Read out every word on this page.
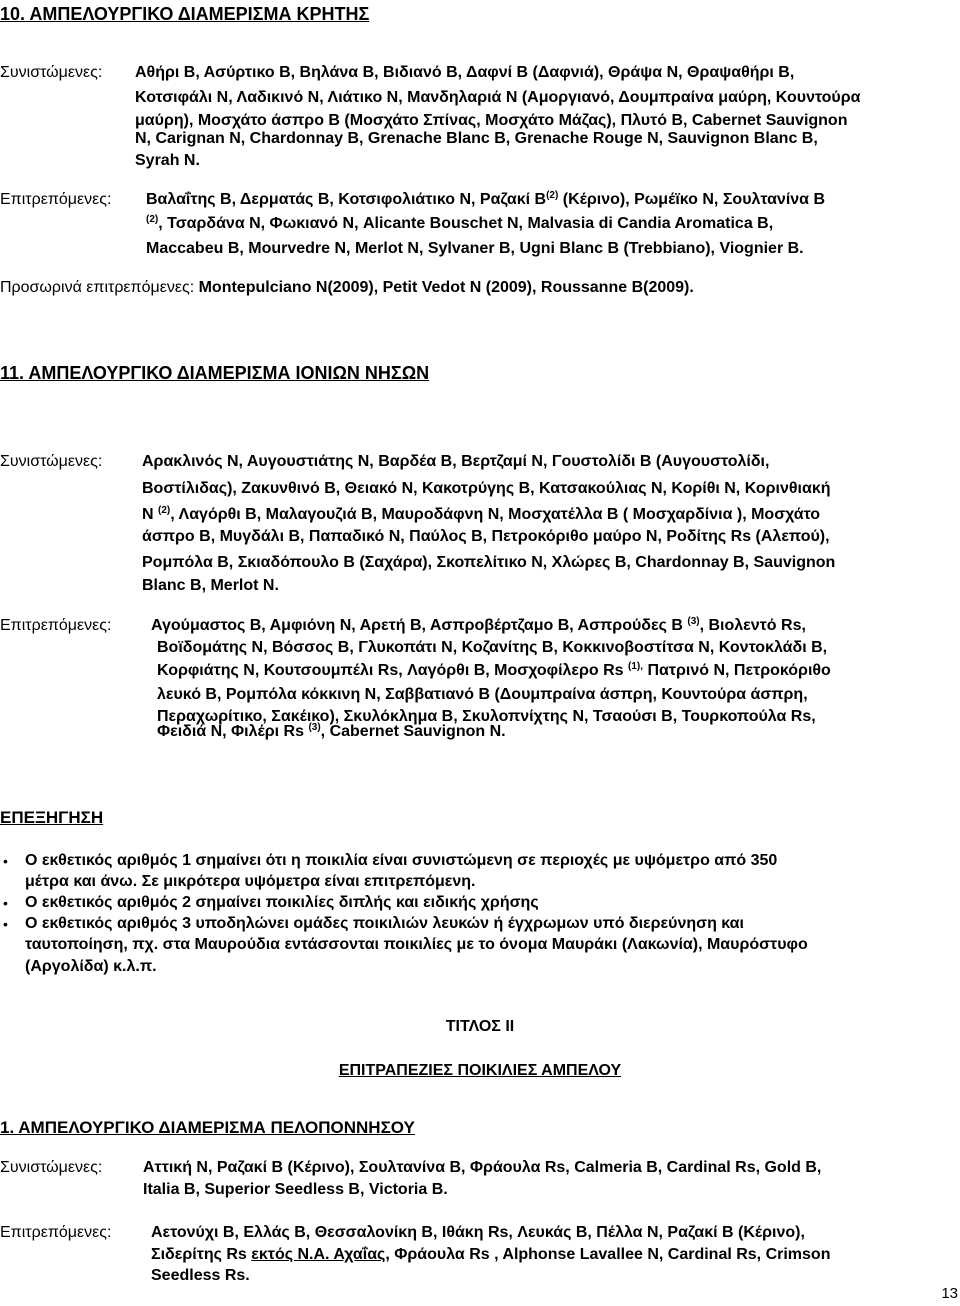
10. ΑΜΠΕΛΟΥΡΓΙΚΟ ΔΙΑΜΕΡΙΣΜΑ ΚΡΗΤΗΣ
Συνιστώμενες: Αθήρι Β, Ασύρτικο Β, Βηλάνα Β, Βιδιανό Β, Δαφνί Β (Δαφνιά), Θράψα Ν, Θραψαθήρι Β,
Κοτσιφάλι Ν, Λαδικινό Ν, Λιάτικο Ν, Μανδηλαριά Ν (Αμοργιανό, Δουμπραίνα μαύρη, Κουντούρα
μαύρη), Μοσχάτο άσπρο Β (Μοσχάτο Σπίνας, Μοσχάτο Μάζας), Πλυτό Β, Cabernet Sauvignon
Ν, Carignan Ν, Chardonnay Β, Grenache Blanc Β, Grenache Rouge Ν, Sauvignon Blanc Β,
Syrah Ν.
Επιτρεπόμενες: Βαλαΐτης Β, Δερματάς Β, Κοτσιφολιάτικο Ν, Ραζακί $B^{(2)}$ (Κέρινο), Ρωμέϊκο Ν, Σουλτανίνα Β
$^{(2)}$, Τσαρδάνα Ν, Φωκιανό Ν, Alicante Bouschet Ν, Malvasia di Candia Aromatica Β,
Maccabeu Β, Mourvedre Ν, Merlot Ν, Sylvaner Β, Ugni Blanc Β (Trebbiano), Viognier Β.
Προσωρινά επιτρεπόμενες: Montepulciano N(2009), Petit Vedot N (2009), Roussanne B(2009).
11. ΑΜΠΕΛΟΥΡΓΙΚΟ ΔΙΑΜΕΡΙΣΜΑ ΙΟΝΙΩΝ ΝΗΣΩΝ
Συνιστώμενες: Αρακλινός Ν, Αυγουστιάτης Ν, Βαρδέα Β, Βερτζαμί Ν, Γουστολίδι Β (Αυγουστολίδι,
Βοστίλιδας), Ζακυνθινό Β, Θειακό Ν, Κακοτρύγης Β, Κατσακούλιας Ν, Κορίθι Ν, Κορινθιακή
Ν $^{(2)}$, Λαγόρθι Β, Μαλαγουζιά Β, Μαυροδάφνη Ν, Μοσχατέλλα Β ( Μοσχαρδίνια ), Μοσχάτο
άσπρο Β, Μυγδάλι Β, Παπαδικό Ν, Παύλος Β, Πετροκόριθο μαύρο Ν, Ροδίτης Rs (Αλεπού),
Ρομπόλα Β, Σκιαδόπουλο Β (Σαχάρα), Σκοπελίτικο Ν, Χλώρες Β, Chardonnay B, Sauvignon
Blanc B, Merlot N.
Επιτρεπόμενες: Αγούμαστος Β, Αμφιόνη Ν, Αρετή Β, Ασπροβέρτζαμο Β, Ασπρούδες Β $^{(3)}$, Βιολεντό Rs,
Βοϊδομάτης Ν, Βόσσος Β, Γλυκοπάτι Ν, Κοζανίτης Β, Κοκκινοβοστίτσα Ν, Κοντοκλάδι Β,
Κορφιάτης Ν, Κουτσουμπέλι Rs, Λαγόρθι Β, Μοσχοφίλερο Rs $^{(1),}$ Πατρινό Ν, Πετροκόριθο
λευκό Β, Ρομπόλα κόκκινη Ν, Σαββατιανό Β (Δουμπραίνα άσπρη, Κουντούρα άσπρη,
Περαχωρίτικο, Σακέικο), Σκυλόκλημα Β, Σκυλοπνίχτης Ν, Τσαούσι Β, Τουρκοπούλα Rs,
Φειδιά Ν, Φιλέρι Rs $^{(3)}$, Cabernet Sauvignon N.
ΕΠΕΞΗΓΗΣΗ
• Ο εκθετικός αριθμός 1 σημαίνει ότι η ποικιλία είναι συνιστώμενη σε περιοχές με υψόμετρο από 350
μέτρα και άνω. Σε μικρότερα υψόμετρα είναι επιτρεπόμενη.
• Ο εκθετικός αριθμός 2 σημαίνει ποικιλίες διπλής και ειδικής χρήσης
• Ο εκθετικός αριθμός 3 υποδηλώνει ομάδες ποικιλιών λευκών ή έγχρωμων υπό διερεύνηση και
ταυτοποίηση, πχ. στα Μαυρούδια εντάσσονται ποικιλίες με το όνομα Μαυράκι (Λακωνία), Μαυρόστυφο
(Αργολίδα) κ.λ.π.
ΤΙΤΛΟΣ ΙΙ
ΕΠΙΤΡΑΠΕΖΙΕΣ ΠΟΙΚΙΛΙΕΣ ΑΜΠΕΛΟΥ
1. ΑΜΠΕΛΟΥΡΓΙΚΟ ΔΙΑΜΕΡΙΣΜΑ ΠΕΛΟΠΟΝΝΗΣΟΥ
Συνιστώμενες:	Αττική Ν, Ραζακί Β (Κέρινο), Σουλτανίνα Β, Φράουλα Rs, Calmeria B, Cardinal Rs, Gold B,
Italia B, Superior Seedless B, Victoria B.
Επιτρεπόμενες: Αετονύχι Β, Ελλάς Β, Θεσσαλονίκη Β, Ιθάκη Rs, Λευκάς Β, Πέλλα Ν, Ραζακί Β (Κέρινο),
Σιδερίτης Rs εκτός Ν.Α. Αχαΐας, Φράουλα Rs , Alphonse Lavallee N, Cardinal Rs, Crimson
Seedless Rs.
13
